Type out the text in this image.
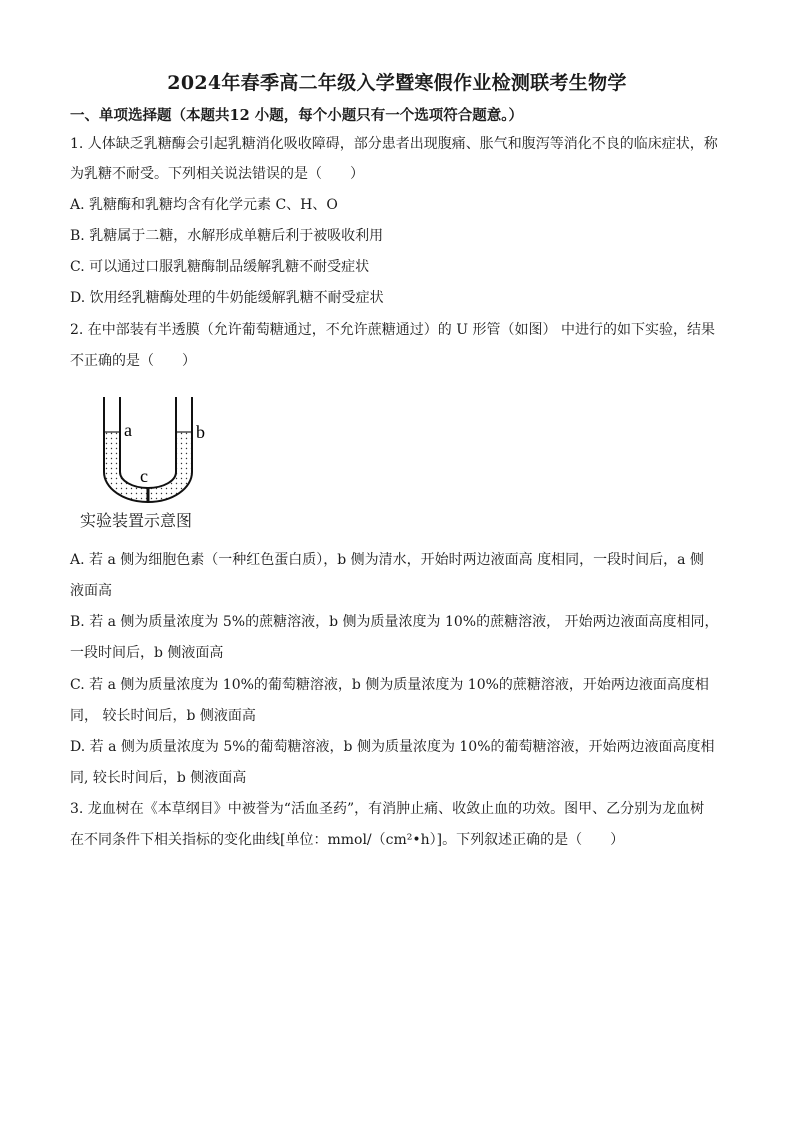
2024年春季高二年级入学暨寒假作业检测联考生物学
一、单项选择题（本题共12 小题，每个小题只有一个选项符合题意。）
1. 人体缺乏乳糖酶会引起乳糖消化吸收障碍，部分患者出现腹痛、胀气和腹泻等消化不良的临床症状，称
为乳糖不耐受。下列相关说法错误的是（　　）
A. 乳糖酶和乳糖均含有化学元素 C、H、O
B. 乳糖属于二糖，水解形成单糖后利于被吸收利用
C. 可以通过口服乳糖酶制品缓解乳糖不耐受症状
D. 饮用经乳糖酶处理的牛奶能缓解乳糖不耐受症状
2. 在中部装有半透膜（允许葡萄糖通过，不允许蔗糖通过）的 U 形管（如图） 中进行的如下实验，结果
不正确的是（　　）
a	b
c
实验装置示意图
A. 若 a 侧为细胞色素（一种红色蛋白质），b 侧为清水，开始时两边液面高 度相同，一段时间后，a 侧
液面高
B. 若 a 侧为质量浓度为 5%的蔗糖溶液，b 侧为质量浓度为 10%的蔗糖溶液， 开始两边液面高度相同，
一段时间后，b 侧液面高
C. 若 a 侧为质量浓度为 10%的葡萄糖溶液，b 侧为质量浓度为 10%的蔗糖溶液，开始两边液面高度相
同， 较长时间后，b 侧液面高
D. 若 a 侧为质量浓度为 5%的葡萄糖溶液，b 侧为质量浓度为 10%的葡萄糖溶液，开始两边液面高度相
同, 较长时间后，b 侧液面高
3. 龙血树在《本草纲目》中被誉为“活血圣药”，有消肿止痛、收敛止血的功效。图甲、乙分别为龙血树
在不同条件下相关指标的变化曲线[单位：mmol/（cm²•h）]。下列叙述正确的是（　　）
